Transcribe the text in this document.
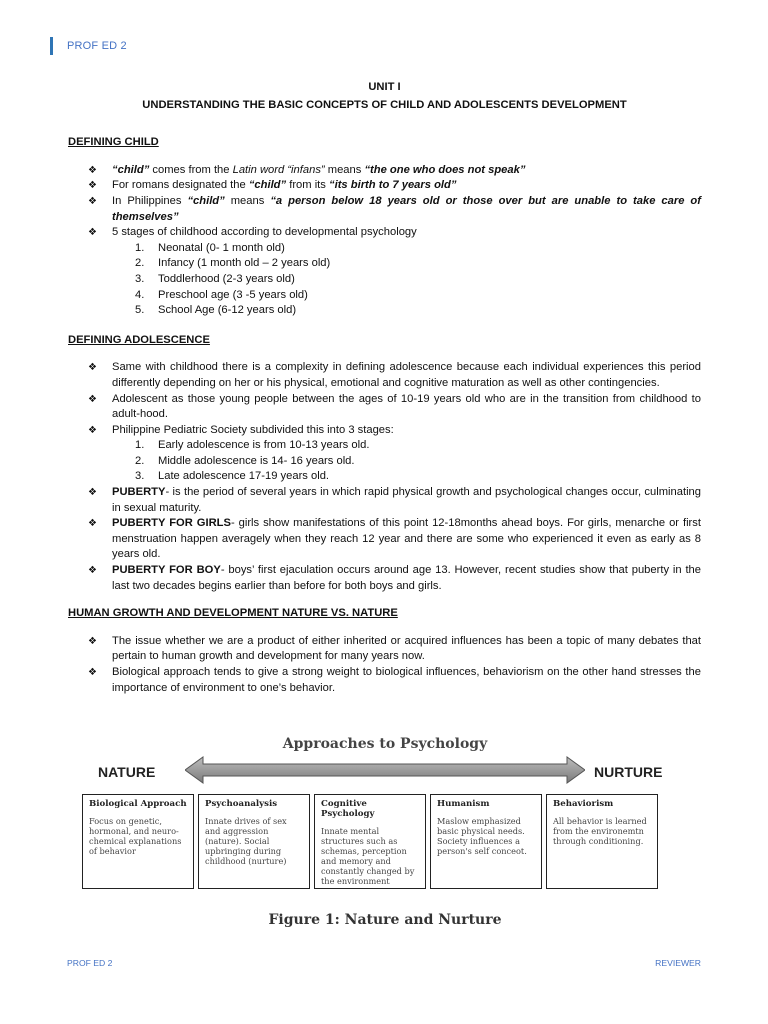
PROF ED 2
UNIT I
UNDERSTANDING THE BASIC CONCEPTS OF CHILD AND ADOLESCENTS DEVELOPMENT

DEFINING CHILD

❖ “child” comes from the Latin word “infans” means “the one who does not speak”
❖ For romans designated the “child” from its “its birth to 7 years old”
❖ In Philippines “child” means “a person below 18 years old or those over but are unable to take care of themselves”
❖ 5 stages of childhood according to developmental psychology
1. Neonatal (0- 1 month old)
2. Infancy (1 month old – 2 years old)
3. Toddlerhood (2-3 years old)
4. Preschool age (3 -5 years old)
5. School Age (6-12 years old)

DEFINING ADOLESCENCE

❖ Same with childhood there is a complexity in defining adolescence because each individual experiences this period differently depending on her or his physical, emotional and cognitive maturation as well as other contingencies.
❖ Adolescent as those young people between the ages of 10-19 years old who are in the transition from childhood to adult-hood.
❖ Philippine Pediatric Society subdivided this into 3 stages:
1. Early adolescence is from 10-13 years old.
2. Middle adolescence is 14- 16 years old.
3. Late adolescence 17-19 years old.
❖ PUBERTY- is the period of several years in which rapid physical growth and psychological changes occur, culminating in sexual maturity.
❖ PUBERTY FOR GIRLS- girls show manifestations of this point 12-18months ahead boys. For girls, menarche or first menstruation happen averagely when they reach 12 year and there are some who experienced it even as early as 8 years old.
❖ PUBERTY FOR BOY- boys’ first ejaculation occurs around age 13. However, recent studies show that puberty in the last two decades begins earlier than before for both boys and girls.

HUMAN GROWTH AND DEVELOPMENT NATURE VS. NATURE

❖ The issue whether we are a product of either inherited or acquired influences has been a topic of many debates that pertain to human growth and development for many years now.
❖ Biological approach tends to give a strong weight to biological influences, behaviorism on the other hand stresses the importance of environment to one’s behavior.
Approaches to Psychology
NATURE	NURTURE
Biological Approach
Focus on genetic, hormonal, and neuro-chemical explanations of behavior
Psychoanalysis
Innate drives of sex and aggression (nature). Social upbringing during childhood (nurture)
Cognitive Psychology
Innate mental structures such as schemas, perception and memory and constantly changed by the environment
Humanism
Maslow emphasized basic physical needs. Society influences a person's self conceot.
Behaviorism
All behavior is learned from the environemtn through conditioning.
Figure 1: Nature and Nurture
PROF ED 2	REVIEWER
